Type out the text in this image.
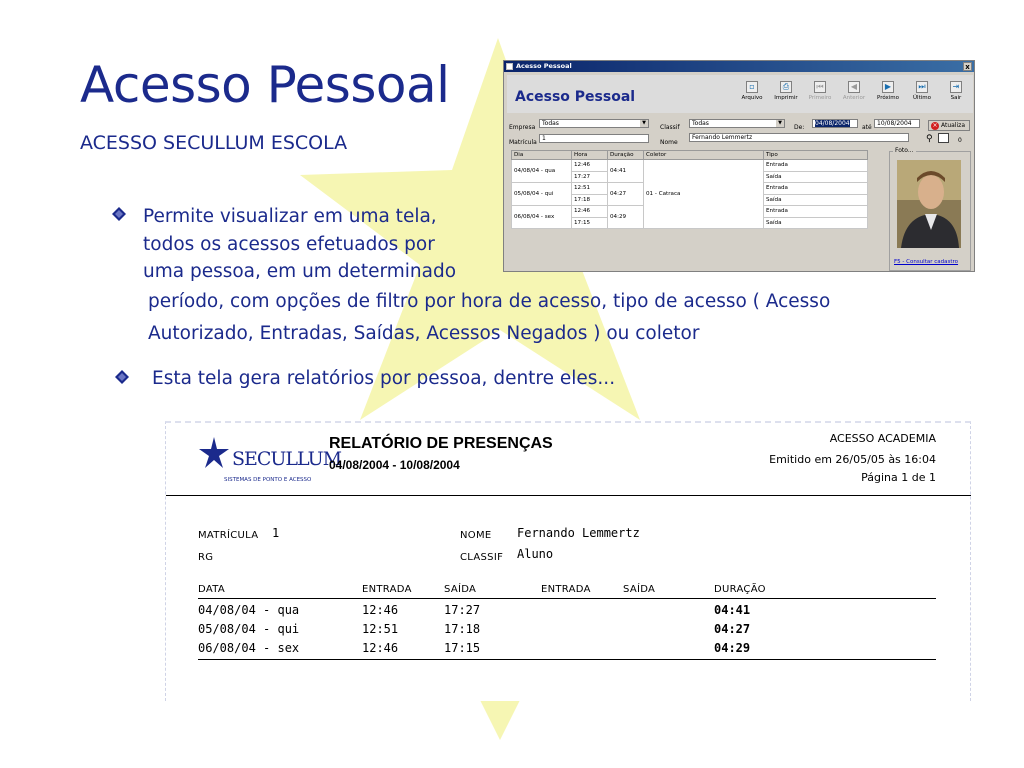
Acesso Pessoal
ACESSO SECULLUM ESCOLA
Permite visualizar em uma tela,
todos os acessos efetuados por
uma pessoa, em um determinado
período, com opções de filtro por hora de acesso, tipo de acesso ( Acesso
Autorizado, Entradas, Saídas, Acessos Negados ) ou coletor
Esta tela gera relatórios por pessoa, dentre eles...
Acesso Pessoal	x
Acesso Pessoal
▫
Arquivo
⎙
Imprimir
⏮
Primeiro
◀
Anterior
▶
Próximo
⏭
Último
⇥
Sair
Empresa
Todas	▼
Classif
Todas	▼
De:
04/08/2004
até
10/08/2004	× Atualiza
Matrícula
1
Nome
Fernando Lemmertz	⚲	0
Dia	Hora	Duração	Coletor	Tipo
04/08/04 - qua	12:46	04:41	01 - Catraca	Entrada
	17:27			Saída
05/08/04 - qui	12:51	04:27		Entrada
	17:18			Saída
06/08/04 - sex	12:46	04:29		Entrada
	17:15			Saída
Foto...
F5 - Consultar cadastro
SECULLUM
SISTEMAS DE PONTO E ACESSO
RELATÓRIO DE PRESENÇAS
04/08/2004 - 10/08/2004
ACESSO ACADEMIA
Emitido em 26/05/05 às 16:04
Página 1 de 1
MATRÍCULA 1	NOME Fernando Lemmertz
RG	CLASSIF Aluno
DATA	ENTRADA	SAÍDA	ENTRADA	SAÍDA	DURAÇÃO
04/08/04 - qua	12:46	17:27	04:41
05/08/04 - qui	12:51	17:18	04:27
06/08/04 - sex	12:46	17:15	04:29
